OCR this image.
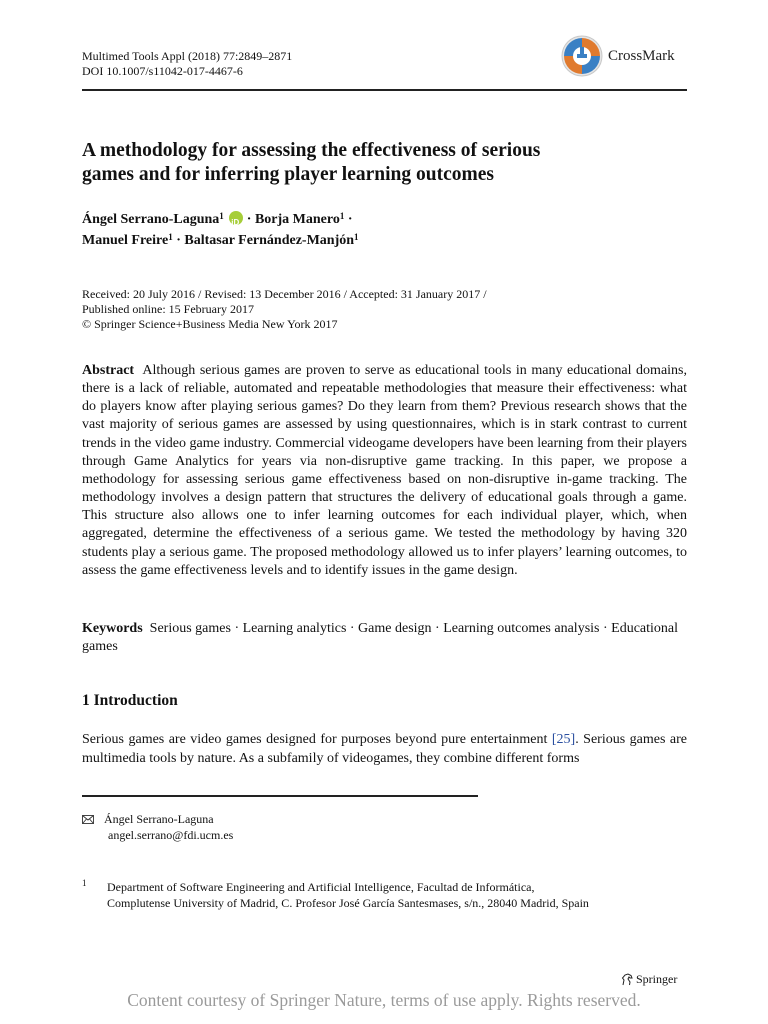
Multimed Tools Appl (2018) 77:2849–2871
DOI 10.1007/s11042-017-4467-6
CrossMark
A methodology for assessing the effectiveness of serious
games and for inferring player learning outcomes
Ángel Serrano-Laguna$^1$ iD · Borja Manero$^1$ ·
Manuel Freire$^1$ · Baltasar Fernández-Manjón$^1$
Received: 20 July 2016 / Revised: 13 December 2016 / Accepted: 31 January 2017 /
Published online: 15 February 2017
© Springer Science+Business Media New York 2017
Abstract Although serious games are proven to serve as educational tools in many educational domains, there is a lack of reliable, automated and repeatable methodologies that measure their effectiveness: what do players know after playing serious games? Do they learn from them? Previous research shows that the vast majority of serious games are assessed by using questionnaires, which is in stark contrast to current trends in the video game industry. Commercial videogame developers have been learning from their players through Game Analytics for years via non-disruptive game tracking. In this paper, we propose a methodology for assessing serious game effectiveness based on non-disruptive in-game tracking. The methodology involves a design pattern that structures the delivery of educational goals through a game. This structure also allows one to infer learning outcomes for each individual player, which, when aggregated, determine the effectiveness of a serious game. We tested the methodology by having 320 students play a serious game. The proposed methodology allowed us to infer players’ learning outcomes, to assess the game effectiveness levels and to identify issues in the game design.
Keywords Serious games · Learning analytics · Game design · Learning outcomes analysis · Educational games
1 Introduction
Serious games are video games designed for purposes beyond pure entertainment [25]. Serious games are multimedia tools by nature. As a subfamily of videogames, they combine different forms
Ángel Serrano-Laguna
angel.serrano@fdi.ucm.es
1 Department of Software Engineering and Artificial Intelligence, Facultad de Informática,
Complutense University of Madrid, C. Profesor José García Santesmases, s/n., 28040 Madrid, Spain
Springer
Content courtesy of Springer Nature, terms of use apply. Rights reserved.
